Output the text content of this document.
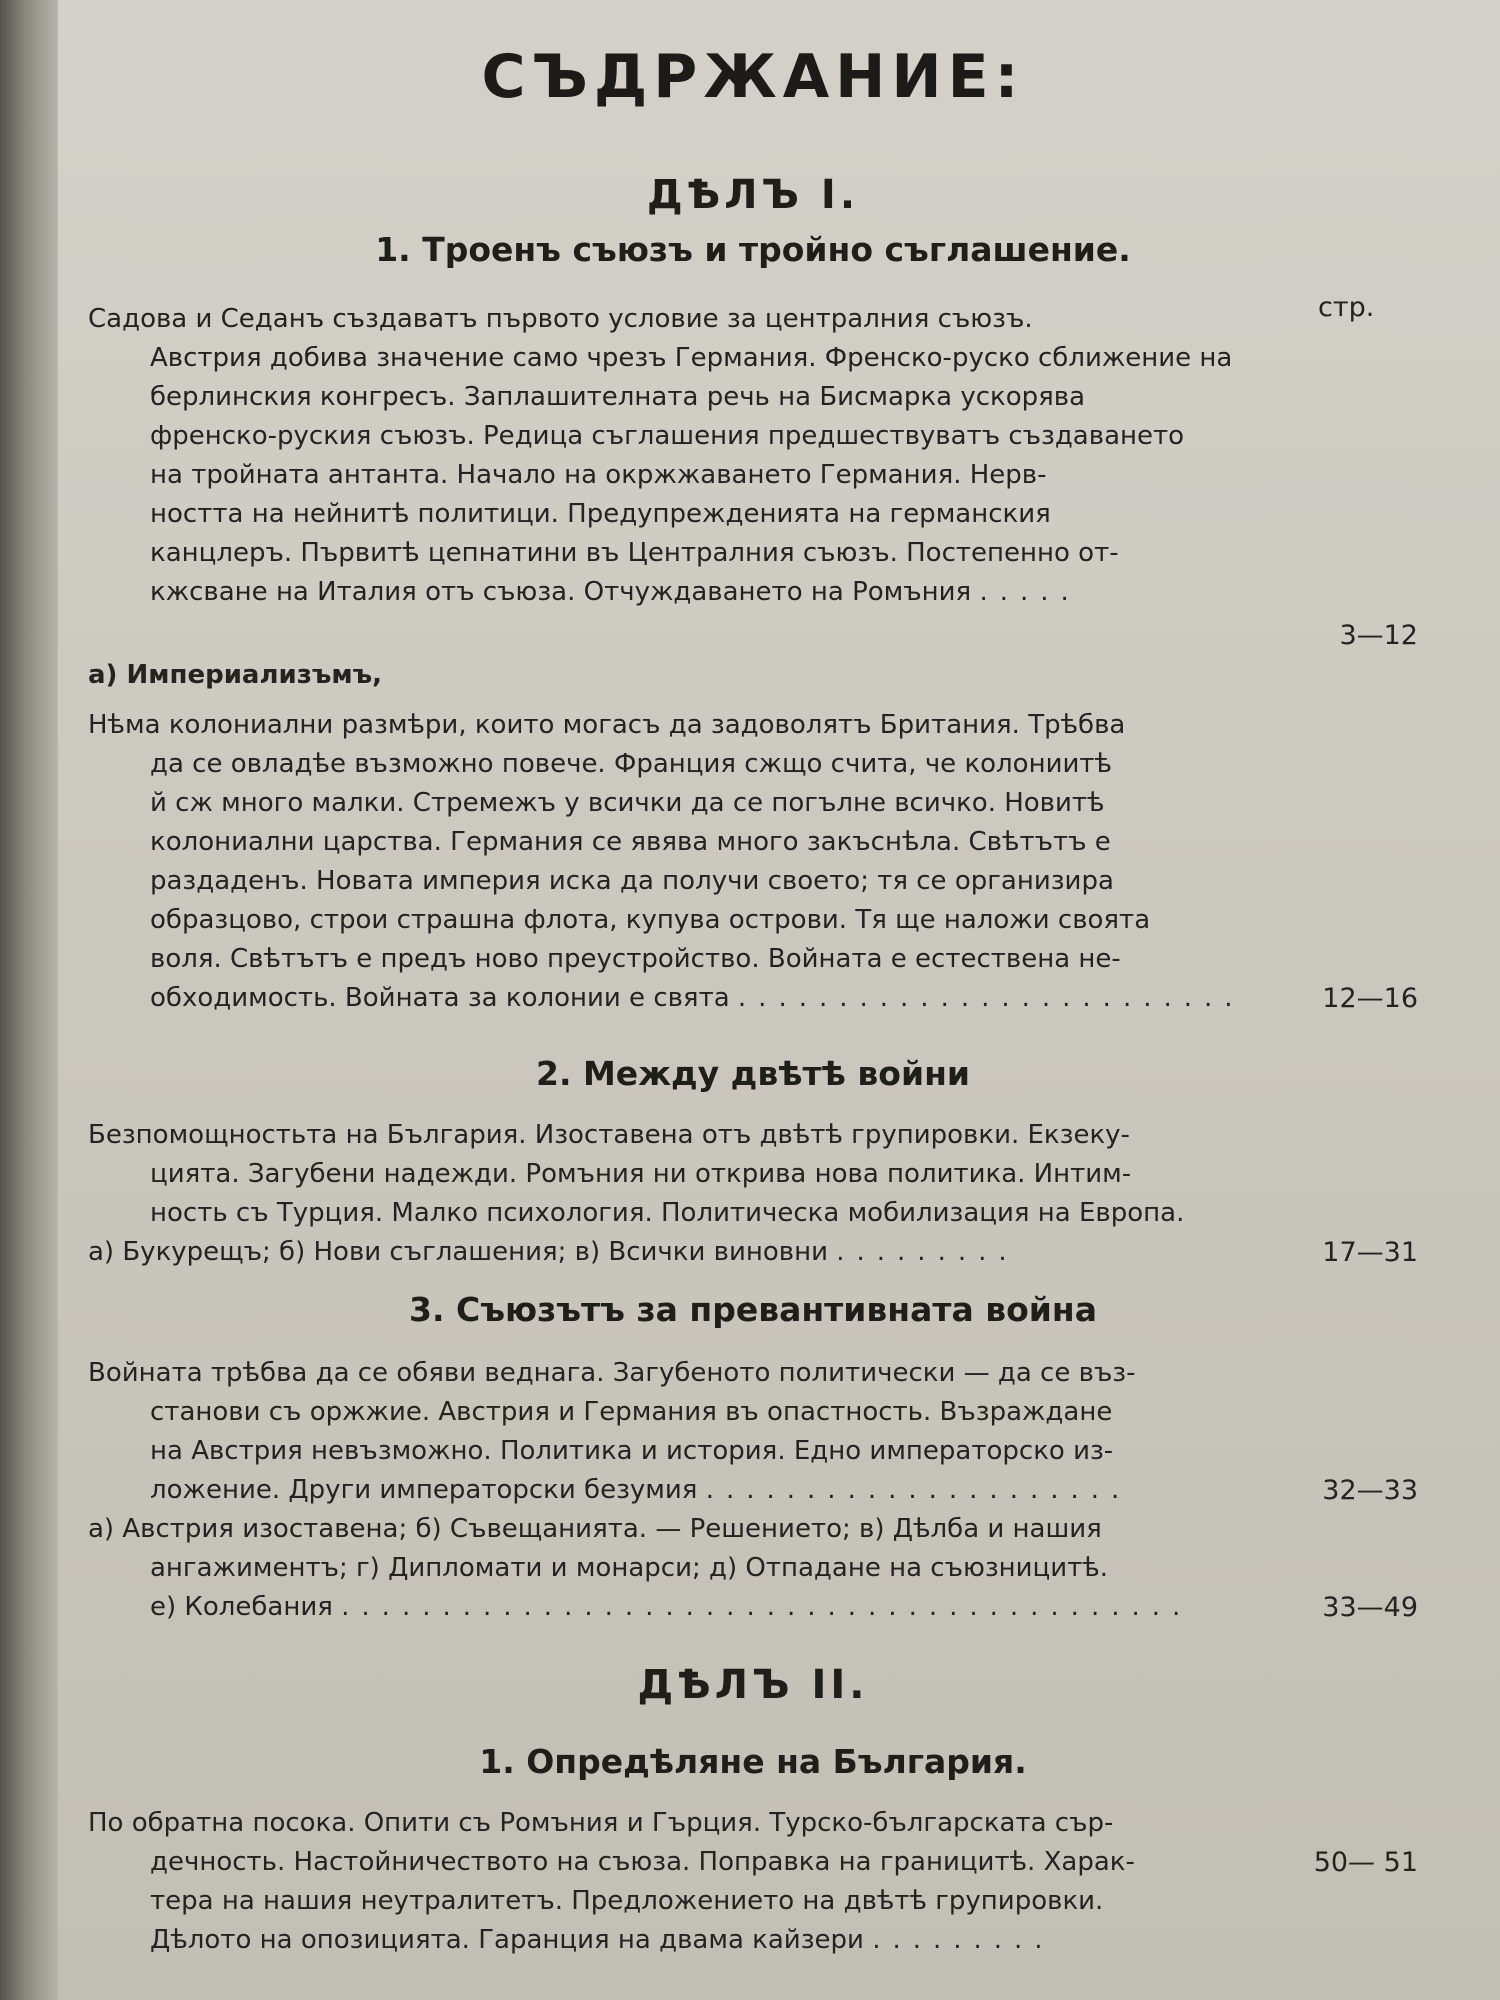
СЪДРЖАНИЕ:
ДѢЛЪ I.
1. Троенъ съюзъ и тройно съглашение.
стр.
Садова и Седанъ създаватъ първото условие за централния съюзъ.
Австрия добива значение само чрезъ Германия. Френско-руско сближение на
берлинския конгресъ. Заплашителната речь на Бисмарка ускорява
френско-руския съюзъ. Редица съглашения предшествуватъ създаването
на тройната антанта. Начало на окржжаването Германия. Нерв-
ността на нейнитѣ политици. Предупрежденията на германския
канцлеръ. Първитѣ цепнатини въ Централния съюзъ. Постепенно от-
кжсване на Италия отъ съюза. Отчуждаването на Ромъния .....
3—12
а) Империализъмъ,
Нѣма колониални размѣри, които могасъ да задоволятъ Британия. Трѣбва
да се овладѣе възможно повече. Франция сжщо счита, че колониитѣ
й сж много малки. Стремежъ у всички да се погълне всичко. Новитѣ
колониални царства. Германия се явява много закъснѣла. Свѣтътъ е
раздаденъ. Новата империя иска да получи своето; тя се организира
образцово, строи страшна флота, купува острови. Тя ще наложи своята
воля. Свѣтътъ е предъ ново преустройство. Войната е естествена не-
обходимость. Войната за колонии е свята .........................	12—16
2. Между двѣтѣ войни
Безпомощностьта на България. Изоставена отъ двѣтѣ групировки. Екзеку-
цията. Загубени надежди. Ромъния ни открива нова политика. Интим-
ность съ Турция. Малко психология. Политическа мобилизация на Европа.
а) Букурещъ; б) Нови съглашения; в) Всички виновни .........	17—31
3. Съюзътъ за превантивната война
Войната трѣбва да се обяви веднага. Загубеното политически — да се въз-
станови съ оржжие. Австрия и Германия въ опастность. Възраждане
на Австрия невъзможно. Политика и история. Едно императорско из-
ложение. Други императорски безумия .....................
а) Австрия изоставена; б) Съвещанията. — Решението; в) Дѣлба и нашия
ангажиментъ; г) Дипломати и монарси; д) Отпадане на съюзницитѣ.
е) Колебания ..........................................
32—33
33—49
ДѢЛЪ II.
1. Опредѣляне на България.
По обратна посока. Опити съ Ромъния и Гърция. Турско-българската сър-
дечность. Настойничеството на съюза. Поправка на границитѣ. Харак-
тера на нашия неутралитетъ. Предложението на двѣтѣ групировки.
Дѣлото на опозицията. Гаранция на двама кайзери .........
50— 51
